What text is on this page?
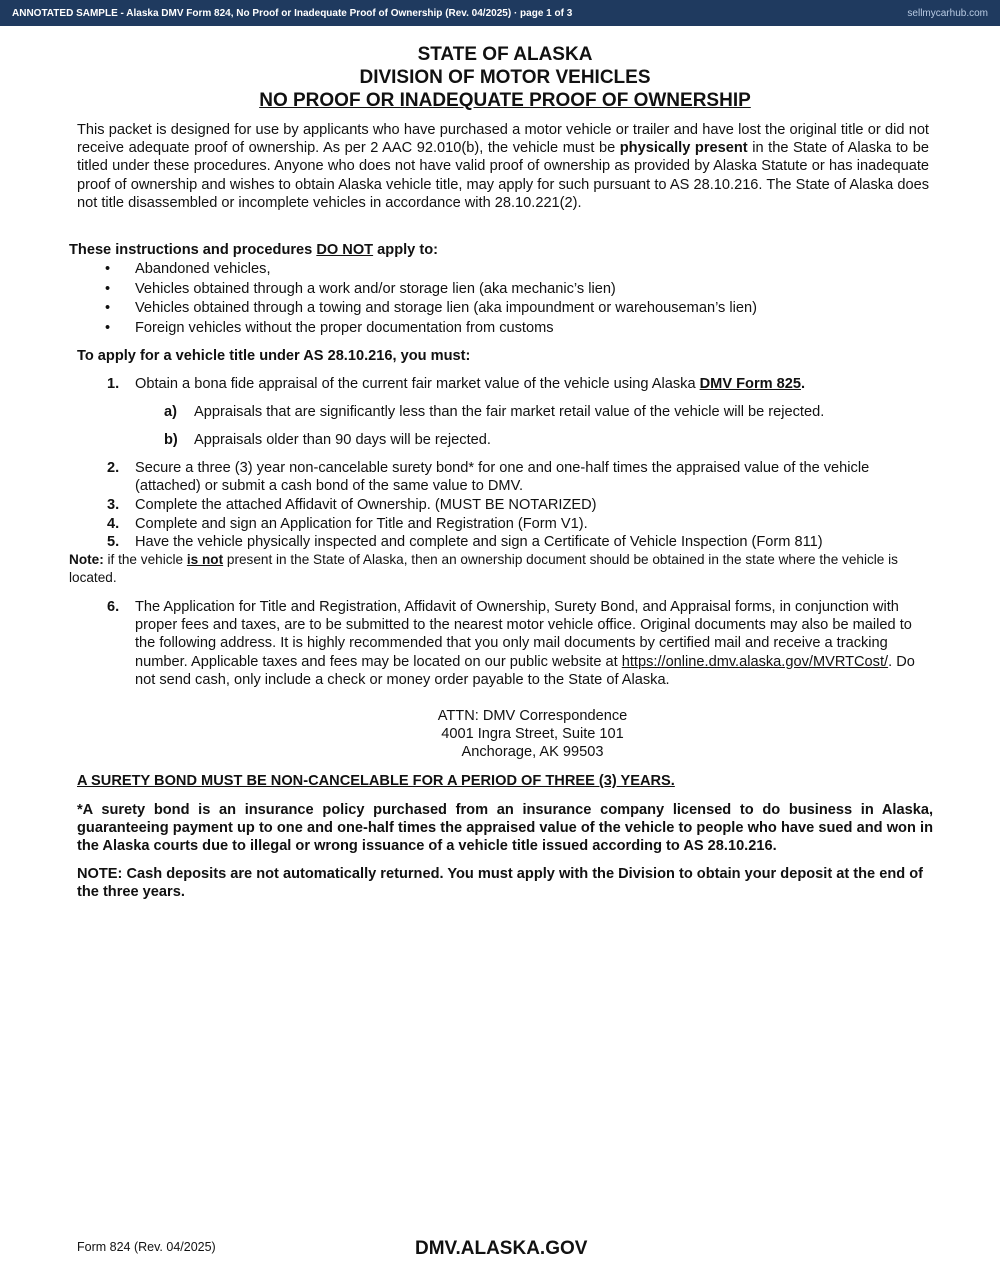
ANNOTATED SAMPLE - Alaska DMV Form 824, No Proof or Inadequate Proof of Ownership (Rev. 04/2025) · page 1 of 3	sellmycarhub.com
STATE OF ALASKA
DIVISION OF MOTOR VEHICLES
NO PROOF OR INADEQUATE PROOF OF OWNERSHIP

This packet is designed for use by applicants who have purchased a motor vehicle or trailer and have lost the original title or did not receive adequate proof of ownership. As per 2 AAC 92.010(b), the vehicle must be physically present in the State of Alaska to be titled under these procedures. Anyone who does not have valid proof of ownership as provided by Alaska Statute or has inadequate proof of ownership and wishes to obtain Alaska vehicle title, may apply for such pursuant to AS 28.10.216. The State of Alaska does not title disassembled or incomplete vehicles in accordance with 28.10.221(2).

These instructions and procedures DO NOT apply to:

• Abandoned vehicles,
• Vehicles obtained through a work and/or storage lien (aka mechanic’s lien)
• Vehicles obtained through a towing and storage lien (aka impoundment or warehouseman’s lien)
• Foreign vehicles without the proper documentation from customs

To apply for a vehicle title under AS 28.10.216, you must:

1. Obtain a bona fide appraisal of the current fair market value of the vehicle using Alaska DMV Form 825.
a) Appraisals that are significantly less than the fair market retail value of the vehicle will be rejected.
b) Appraisals older than 90 days will be rejected.
2. Secure a three (3) year non-cancelable surety bond* for one and one-half times the appraised value of the vehicle (attached) or submit a cash bond of the same value to DMV.
3. Complete the attached Affidavit of Ownership. (MUST BE NOTARIZED)
4. Complete and sign an Application for Title and Registration (Form V1).
5. Have the vehicle physically inspected and complete and sign a Certificate of Vehicle Inspection (Form 811)
Note: if the vehicle is not present in the State of Alaska, then an ownership document should be obtained in the state where the vehicle is located.
6. The Application for Title and Registration, Affidavit of Ownership, Surety Bond, and Appraisal forms, in conjunction with proper fees and taxes, are to be submitted to the nearest motor vehicle office. Original documents may also be mailed to the following address. It is highly recommended that you only mail documents by certified mail and receive a tracking number. Applicable taxes and fees may be located on our public website at https://online.dmv.alaska.gov/MVRTCost/. Do not send cash, only include a check or money order payable to the State of Alaska.
ATTN: DMV Correspondence
4001 Ingra Street, Suite 101
Anchorage, AK 99503

A SURETY BOND MUST BE NON-CANCELABLE FOR A PERIOD OF THREE (3) YEARS.

*A surety bond is an insurance policy purchased from an insurance company licensed to do business in Alaska, guaranteeing payment up to one and one-half times the appraised value of the vehicle to people who have sued and won in the Alaska courts due to illegal or wrong issuance of a vehicle title issued according to AS 28.10.216.

NOTE: Cash deposits are not automatically returned. You must apply with the Division to obtain your deposit at the end of the three years.

Form 824 (Rev. 04/2025)	DMV.ALASKA.GOV
